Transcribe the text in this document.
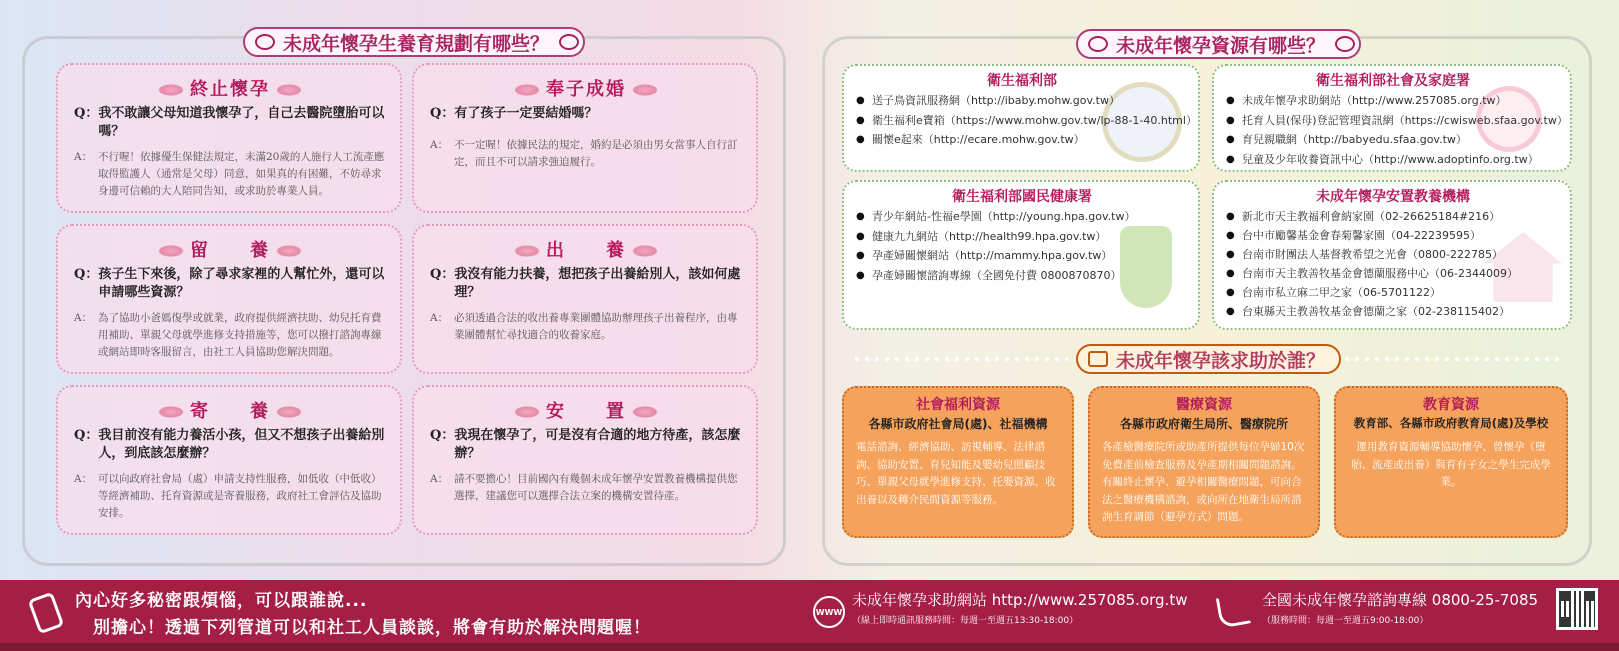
未成年懷孕生養育規劃有哪些？
終止懷孕
Q： 我不敢讓父母知道我懷孕了，自己去醫院墮胎可以嗎？
A： 不行喔！依據優生保健法規定，未滿20歲的人施行人工流產應取得監護人（通常是父母）同意，如果真的有困難，不妨尋求身邊可信賴的大人陪同告知，或求助於專業人員。
奉子成婚
Q： 有了孩子一定要結婚嗎？
A： 不一定喔！依據民法的規定，婚約是必須由男女當事人自行訂定，而且不可以請求強迫履行。
留　　養
Q： 孩子生下來後，除了尋求家裡的人幫忙外，還可以申請哪些資源？
A： 為了協助小爸媽復學或就業，政府提供經濟扶助、幼兒托育費用補助、單親父母就學進修支持措施等，您可以撥打諮詢專線或網站即時客服留言，由社工人員協助您解決問題。
出　　養
Q： 我沒有能力扶養，想把孩子出養給別人，該如何處理？
A： 必須透過合法的收出養專業團體協助辦理孩子出養程序，由專業團體幫忙尋找適合的收養家庭。
寄　　養
Q： 我目前沒有能力養活小孩，但又不想孩子出養給別人，到底該怎麼辦？
A： 可以向政府社會局（處）申請支持性服務，如低收（中低收）等經濟補助、托育資源或是寄養服務，政府社工會評估及協助安排。
安　　置
Q： 我現在懷孕了，可是沒有合適的地方待產，該怎麼辦？
A： 請不要擔心！目前國內有幾個未成年懷孕安置教養機構提供您選擇，建議您可以選擇合法立案的機構安置待產。
未成年懷孕資源有哪些？
衛生福利部
● 送子鳥資訊服務網（http://ibaby.mohw.gov.tw）
● 衛生福利e寶箱（https://www.mohw.gov.tw/lp-88-1-40.html）
● 關懷e起來（http://ecare.mohw.gov.tw）
衛生福利部社會及家庭署
● 未成年懷孕求助網站（http://www.257085.org.tw）
● 托育人員(保母)登記管理資訊網（https://cwisweb.sfaa.gov.tw）
● 育兒親職網（http://babyedu.sfaa.gov.tw）
● 兒童及少年收養資訊中心（http://www.adoptinfo.org.tw）
衛生福利部國民健康署
● 青少年網站-性福e學園（http://young.hpa.gov.tw）
● 健康九九網站（http://health99.hpa.gov.tw）
● 孕產婦關懷網站（http://mammy.hpa.gov.tw）
● 孕產婦關懷諮詢專線（全國免付費 0800870870）
未成年懷孕安置教養機構
● 新北市天主教福利會納家園（02-26625184#216）
● 台中市勵馨基金會春菊馨家園（04-22239595）
● 台南市財團法人基督教希望之光會（0800-222785）
● 台南市天主教善牧基金會德蘭服務中心（06-2344009）
● 台南市私立麻二甲之家（06-5701122）
● 台東縣天主教善牧基金會德蘭之家（02-238115402）
未成年懷孕該求助於誰？
社會福利資源
各縣市政府社會局(處)、社福機構
電話諮詢、經濟協助、訪視輔導、法律諮詢、協助安置、育兒知能及嬰幼兒照顧技巧、單親父母就學進修支持、托嬰資源、收出養以及轉介民間資源等服務。
醫療資源
各縣市政府衛生局所、醫療院所
各產檢醫療院所或助產所提供每位孕婦10次免費產前檢查服務及孕產期相關問題諮詢。有關終止懷孕、避孕相關醫療問題，可向合法之醫療機構諮詢，或向所在地衛生局所諮詢生育調節（避孕方式）問題。
教育資源
教育部、各縣市政府教育局(處)及學校
運用教育資源輔導協助懷孕、曾懷孕（墮胎、流產或出養）與育有子女之學生完成學業。
內心好多秘密跟煩惱，可以跟誰說...
別擔心！透過下列管道可以和社工人員談談，將會有助於解決問題喔！
WWW
未成年懷孕求助網站 http://www.257085.org.tw
（線上即時通訊服務時間：每週一至週五13:30-18:00）
全國未成年懷孕諮詢專線 0800-25-7085
（服務時間：每週一至週五9:00-18:00）
